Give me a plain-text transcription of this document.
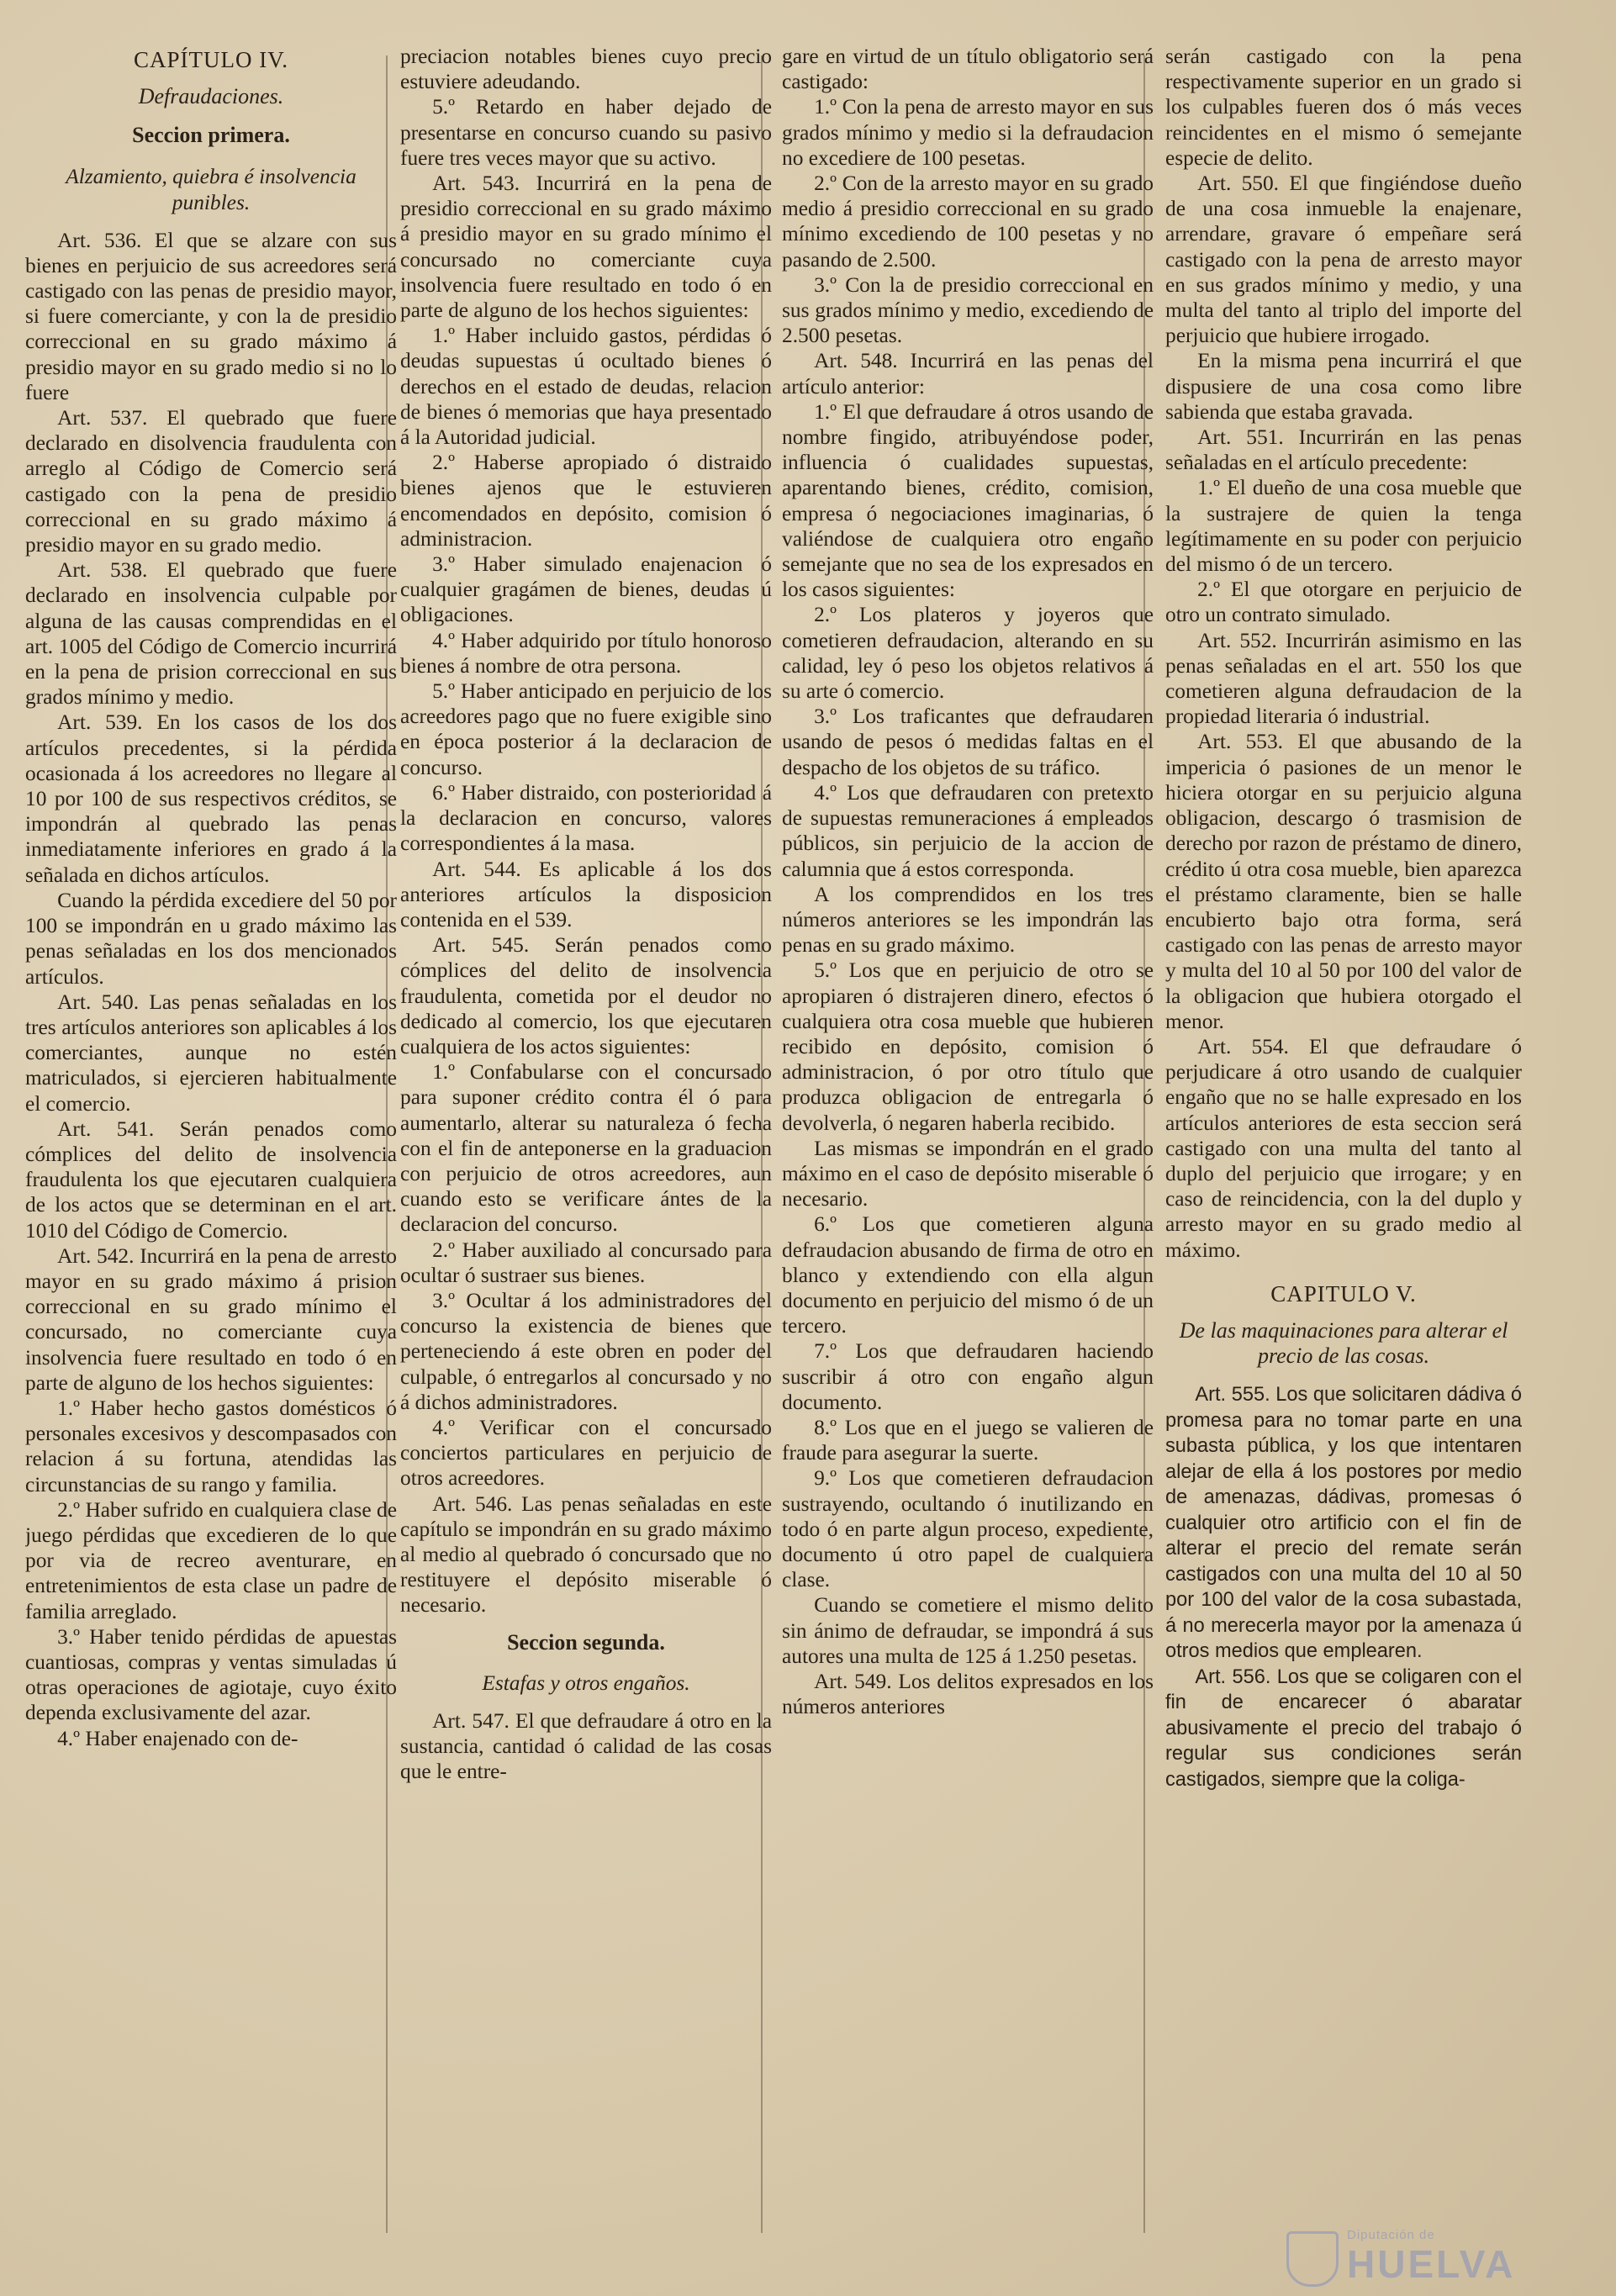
CAPÍTULO IV.
Defraudaciones.
Seccion primera.
Alzamiento, quiebra é insolvencia punibles.

Art. 536. El que se alzare con sus bienes en perjuicio de sus acreedores será castigado con las penas de presidio mayor, si fuere comerciante, y con la de presidio correccional en su grado máximo á presidio mayor en su grado medio si no lo fuere

Art. 537. El quebrado que fuere declarado en disolvencia fraudulenta con arreglo al Código de Comercio será castigado con la pena de presidio correccional en su grado máximo á presidio mayor en su grado medio.

Art. 538. El quebrado que fuere declarado en insolvencia culpable por alguna de las causas comprendidas en el art. 1005 del Código de Comercio incurrirá en la pena de prision correccional en sus grados mínimo y medio.

Art. 539. En los casos de los dos artículos precedentes, si la pérdida ocasionada á los acreedores no llegare al 10 por 100 de sus respectivos créditos, se impondrán al quebrado las penas inmediatamente inferiores en grado á la señalada en dichos artículos.

Cuando la pérdida excediere del 50 por 100 se impondrán en u grado máximo las penas señaladas en los dos mencionados artículos.

Art. 540. Las penas señaladas en los tres artículos anteriores son aplicables á los comerciantes, aunque no estén matriculados, si ejercieren habitualmente el comercio.

Art. 541. Serán penados como cómplices del delito de insolvencia fraudulenta los que ejecutaren cualquiera de los actos que se determinan en el art. 1010 del Código de Comercio.

Art. 542. Incurrirá en la pena de arresto mayor en su grado máximo á prision correccional en su grado mínimo el concursado, no comerciante cuya insolvencia fuere resultado en todo ó en parte de alguno de los hechos siguientes:

1.º Haber hecho gastos domésticos ó personales excesivos y descompasados con relacion á su fortuna, atendidas las circunstancias de su rango y familia.

2.º Haber sufrido en cualquiera clase de juego pérdidas que excedieren de lo que por via de recreo aventurare, en entretenimientos de esta clase un padre de familia arreglado.

3.º Haber tenido pérdidas de apuestas cuantiosas, compras y ventas simuladas ú otras operaciones de agiotaje, cuyo éxito dependa exclusivamente del azar.

4.º Haber enajenado con de-

preciacion notables bienes cuyo precio estuviere adeudando.

5.º Retardo en haber dejado de presentarse en concurso cuando su pasivo fuere tres veces mayor que su activo.

Art. 543. Incurrirá en la pena de presidio correccional en su grado máximo á presidio mayor en su grado mínimo el concursado no comerciante cuya insolvencia fuere resultado en todo ó en parte de alguno de los hechos siguientes:

1.º Haber incluido gastos, pérdidas ó deudas supuestas ú ocultado bienes ó derechos en el estado de deudas, relacion de bienes ó memorias que haya presentado á la Autoridad judicial.

2.º Haberse apropiado ó distraido bienes ajenos que le estuvieren encomendados en depósito, comision ó administracion.

3.º Haber simulado enajenacion ó cualquier gragámen de bienes, deudas ú obligaciones.

4.º Haber adquirido por título honoroso bienes á nombre de otra persona.

5.º Haber anticipado en perjuicio de los acreedores pago que no fuere exigible sino en época posterior á la declaracion de concurso.

6.º Haber distraido, con posterioridad á la declaracion en concurso, valores correspondientes á la masa.

Art. 544. Es aplicable á los dos anteriores artículos la disposicion contenida en el 539.

Art. 545. Serán penados como cómplices del delito de insolvencia fraudulenta, cometida por el deudor no dedicado al comercio, los que ejecutaren cualquiera de los actos siguientes:

1.º Confabularse con el concursado para suponer crédito contra él ó para aumentarlo, alterar su naturaleza ó fecha con el fin de anteponerse en la graduacion con perjuicio de otros acreedores, aun cuando esto se verificare ántes de la declaracion del concurso.

2.º Haber auxiliado al concursado para ocultar ó sustraer sus bienes.

3.º Ocultar á los administradores del concurso la existencia de bienes que perteneciendo á este obren en poder del culpable, ó entregarlos al concursado y no á dichos administradores.

4.º Verificar con el concursado conciertos particulares en perjuicio de otros acreedores.

Art. 546. Las penas señaladas en este capítulo se impondrán en su grado máximo al medio al quebrado ó concursado que no restituyere el depósito miserable ó necesario.

Seccion segunda.
Estafas y otros engaños.

Art. 547. El que defraudare á otro en la sustancia, cantidad ó calidad de las cosas que le entre-

gare en virtud de un título obligatorio será castigado:

1.º Con la pena de arresto mayor en sus grados mínimo y medio si la defraudacion no excediere de 100 pesetas.

2.º Con de la arresto mayor en su grado medio á presidio correccional en su grado mínimo excediendo de 100 pesetas y no pasando de 2.500.

3.º Con la de presidio correccional en sus grados mínimo y medio, excediendo de 2.500 pesetas.

Art. 548. Incurrirá en las penas del artículo anterior:

1.º El que defraudare á otros usando de nombre fingido, atribuyéndose poder, influencia ó cualidades supuestas, aparentando bienes, crédito, comision, empresa ó negociaciones imaginarias, ó valiéndose de cualquiera otro engaño semejante que no sea de los expresados en los casos siguientes:

2.º Los plateros y joyeros que cometieren defraudacion, alterando en su calidad, ley ó peso los objetos relativos á su arte ó comercio.

3.º Los traficantes que defraudaren usando de pesos ó medidas faltas en el despacho de los objetos de su tráfico.

4.º Los que defraudaren con pretexto de supuestas remuneraciones á empleados públicos, sin perjuicio de la accion de calumnia que á estos corresponda.

A los comprendidos en los tres números anteriores se les impondrán las penas en su grado máximo.

5.º Los que en perjuicio de otro se apropiaren ó distrajeren dinero, efectos ó cualquiera otra cosa mueble que hubieren recibido en depósito, comision ó administracion, ó por otro título que produzca obligacion de entregarla ó devolverla, ó negaren haberla recibido.

Las mismas se impondrán en el grado máximo en el caso de depósito miserable ó necesario.

6.º Los que cometieren alguna defraudacion abusando de firma de otro en blanco y extendiendo con ella algun documento en perjuicio del mismo ó de un tercero.

7.º Los que defraudaren haciendo suscribir á otro con engaño algun documento.

8.º Los que en el juego se valieren de fraude para asegurar la suerte.

9.º Los que cometieren defraudacion sustrayendo, ocultando ó inutilizando en todo ó en parte algun proceso, expediente, documento ú otro papel de cualquiera clase.

Cuando se cometiere el mismo delito sin ánimo de defraudar, se impondrá á sus autores una multa de 125 á 1.250 pesetas.

Art. 549. Los delitos expresados en los números anteriores

serán castigado con la pena respectivamente superior en un grado si los culpables fueren dos ó más veces reincidentes en el mismo ó semejante especie de delito.

Art. 550. El que fingiéndose dueño de una cosa inmueble la enajenare, arrendare, gravare ó empeñare será castigado con la pena de arresto mayor en sus grados mínimo y medio, y una multa del tanto al triplo del importe del perjuicio que hubiere irrogado.

En la misma pena incurrirá el que dispusiere de una cosa como libre sabienda que estaba gravada.

Art. 551. Incurrirán en las penas señaladas en el artículo precedente:

1.º El dueño de una cosa mueble que la sustrajere de quien la tenga legítimamente en su poder con perjuicio del mismo ó de un tercero.

2.º El que otorgare en perjuicio de otro un contrato simulado.

Art. 552. Incurrirán asimismo en las penas señaladas en el art. 550 los que cometieren alguna defraudacion de la propiedad literaria ó industrial.

Art. 553. El que abusando de la impericia ó pasiones de un menor le hiciera otorgar en su perjuicio alguna obligacion, descargo ó trasmision de derecho por razon de préstamo de dinero, crédito ú otra cosa mueble, bien aparezca el préstamo claramente, bien se halle encubierto bajo otra forma, será castigado con las penas de arresto mayor y multa del 10 al 50 por 100 del valor de la obligacion que hubiera otorgado el menor.

Art. 554. El que defraudare ó perjudicare á otro usando de cualquier engaño que no se halle expresado en los artículos anteriores de esta seccion será castigado con una multa del tanto al duplo del perjuicio que irrogare; y en caso de reincidencia, con la del duplo y arresto mayor en su grado medio al máximo.

CAPITULO V.
De las maquinaciones para alterar el precio de las cosas.

Art. 555. Los que solicitaren dádiva ó promesa para no tomar parte en una subasta pública, y los que intentaren alejar de ella á los postores por medio de amenazas, dádivas, promesas ó cualquier otro artificio con el fin de alterar el precio del remate serán castigados con una multa del 10 al 50 por 100 del valor de la cosa subastada, á no merecerla mayor por la amenaza ú otros medios que emplearen.

Art. 556. Los que se coligaren con el fin de encarecer ó abaratar abusivamente el precio del trabajo ó regular sus condiciones serán castigados, siempre que la coliga-

Diputación de
HUELVA
